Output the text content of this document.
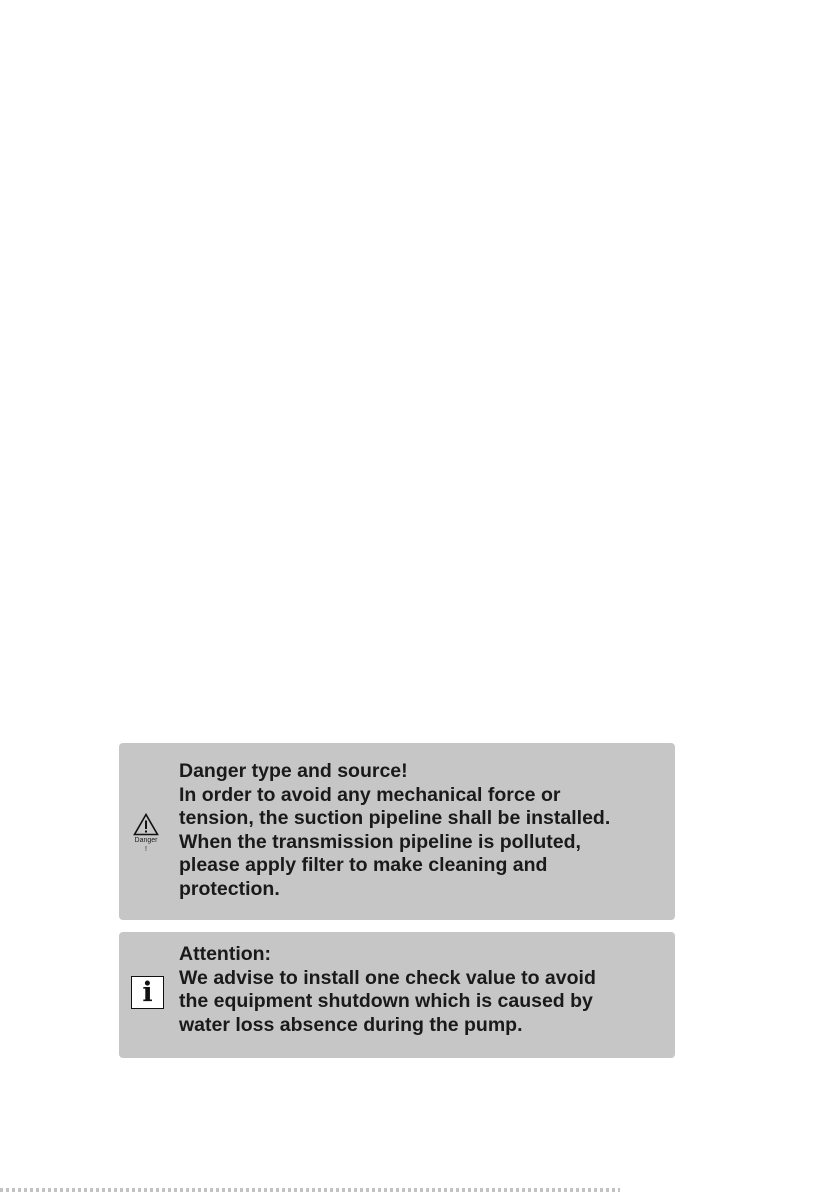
Danger
!
Danger type and source!
In order to avoid any mechanical force or
tension, the suction pipeline shall be installed.
When the transmission pipeline is polluted,
please apply filter to make cleaning and
protection.
i
Attention:
We advise to install one check value to avoid
the equipment shutdown which is caused by
water loss absence during the pump.
